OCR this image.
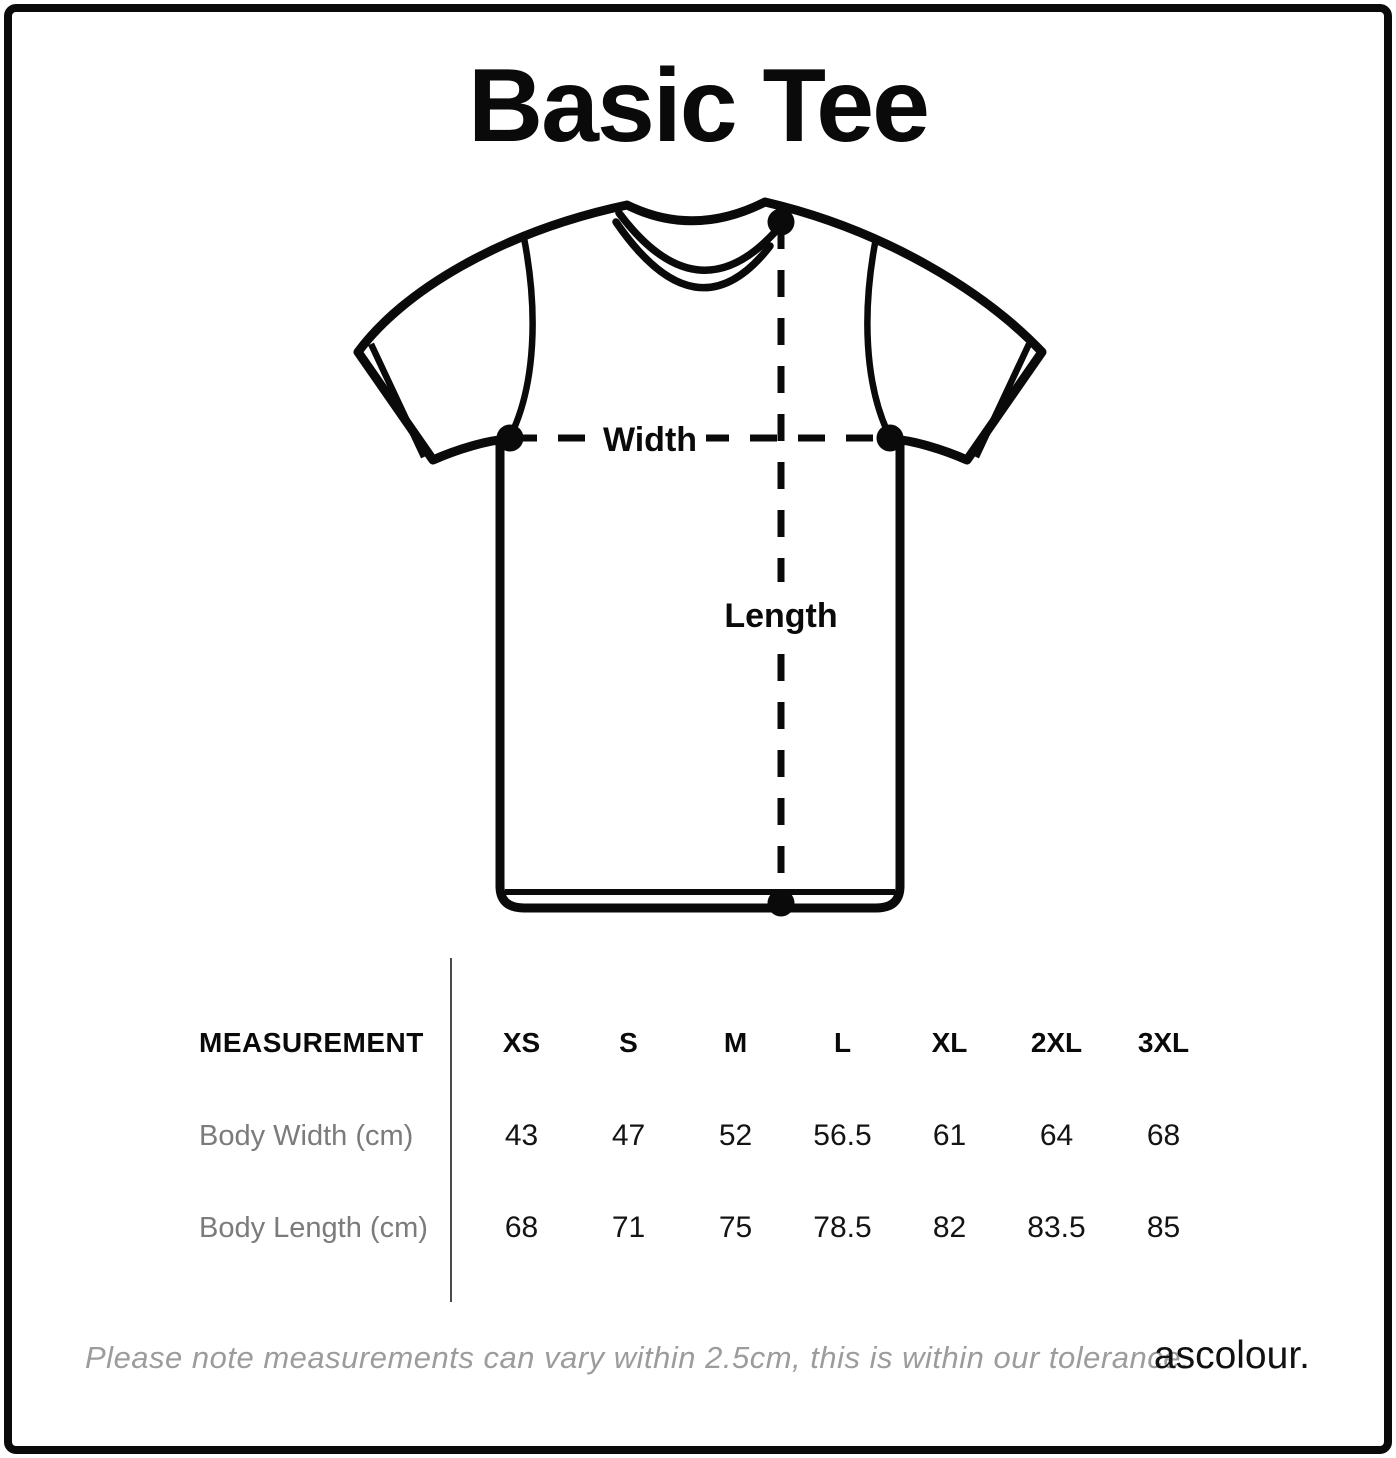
Basic Tee
Width
Length
MEASUREMENT	XS	S	M	L	XL	2XL	3XL
Body Width (cm)	43	47	52	56.5	61	64	68
Body Length (cm)	68	71	75	78.5	82	83.5	85
Please note measurements can vary within 2.5cm, this is within our tolerance.
ascolour.
